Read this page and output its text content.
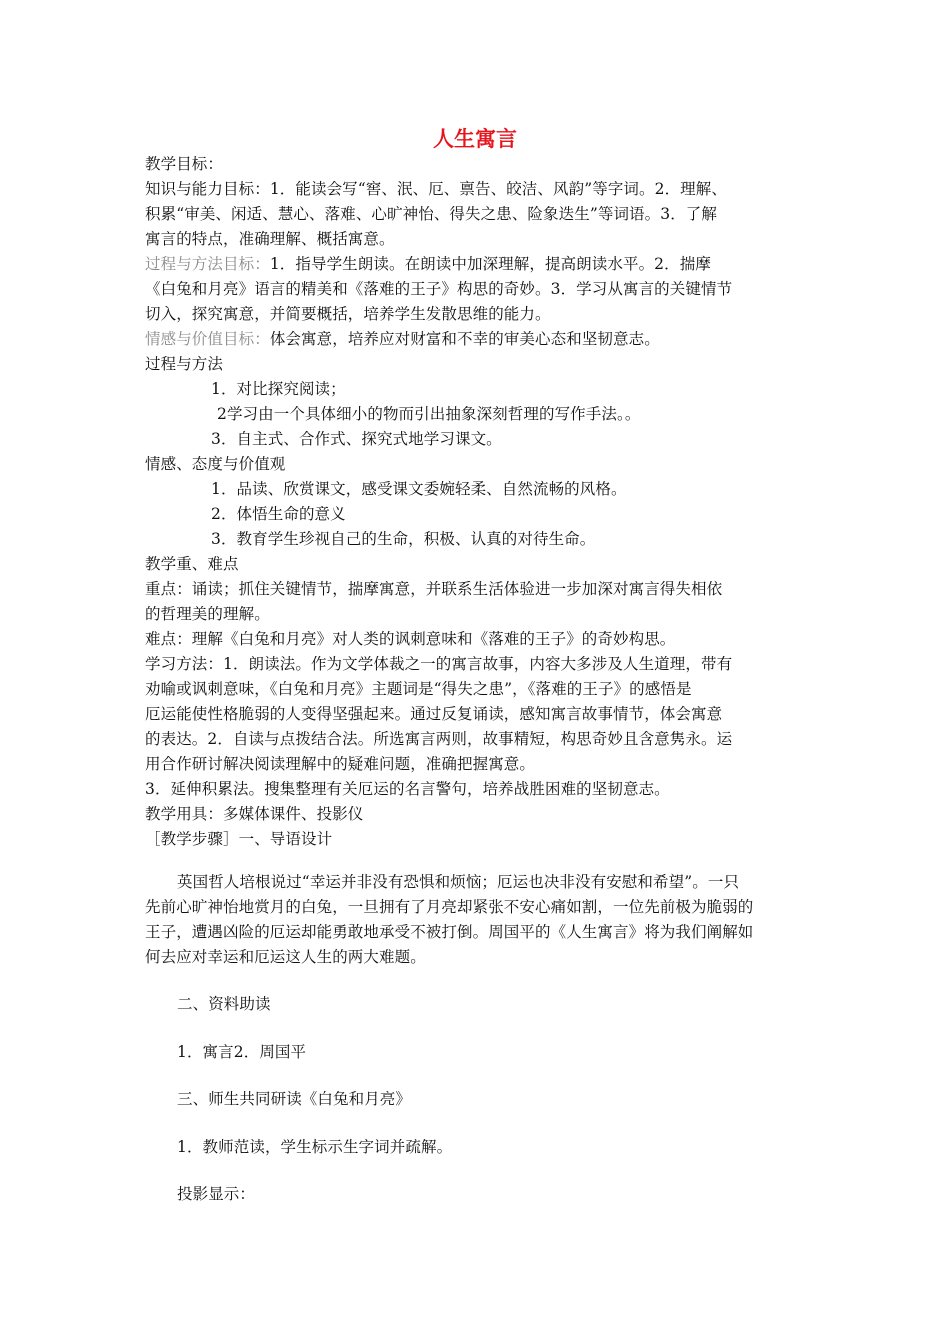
人生寓言

教学目标：

知识与能力目标：1．能读会写“窖、泯、厄、禀告、皎洁、风韵”等字词。2．理解、

积累“审美、闲适、慧心、落难、心旷神怡、得失之患、险象迭生”等词语。3．了解

寓言的特点，准确理解、概括寓意。

过程与方法目标：1．指导学生朗读。在朗读中加深理解，提高朗读水平。2．揣摩

《白兔和月亮》语言的精美和《落难的王子》构思的奇妙。3．学习从寓言的关键情节

切入，探究寓意，并简要概括，培养学生发散思维的能力。

情感与价值目标：体会寓意，培养应对财富和不幸的审美心态和坚韧意志。

过程与方法

1．对比探究阅读；

2学习由一个具体细小的物而引出抽象深刻哲理的写作手法。。

3．自主式、合作式、探究式地学习课文。

情感、态度与价值观

1．品读、欣赏课文，感受课文委婉轻柔、自然流畅的风格。

2．体悟生命的意义

3．教育学生珍视自己的生命，积极、认真的对待生命。

教学重、难点

重点：诵读；抓住关键情节，揣摩寓意，并联系生活体验进一步加深对寓言得失相依

的哲理美的理解。

难点：理解《白兔和月亮》对人类的讽刺意味和《落难的王子》的奇妙构思。

学习方法：1．朗读法。作为文学体裁之一的寓言故事，内容大多涉及人生道理，带有

劝喻或讽刺意味，《白兔和月亮》主题词是“得失之患”，《落难的王子》的感悟是

厄运能使性格脆弱的人变得坚强起来。通过反复诵读，感知寓言故事情节，体会寓意

的表达。2．自读与点拨结合法。所选寓言两则，故事精短，构思奇妙且含意隽永。运

用合作研讨解决阅读理解中的疑难问题，准确把握寓意。

3．延伸积累法。搜集整理有关厄运的名言警句，培养战胜困难的坚韧意志。

教学用具：多媒体课件、投影仪

［教学步骤］一、导语设计

英国哲人培根说过“幸运并非没有恐惧和烦恼；厄运也决非没有安慰和希望”。一只

先前心旷神怡地赏月的白兔，一旦拥有了月亮却紧张不安心痛如割，一位先前极为脆弱的

王子，遭遇凶险的厄运却能勇敢地承受不被打倒。周国平的《人生寓言》将为我们阐解如

何去应对幸运和厄运这人生的两大难题。

二、资料助读
1．寓言2．周国平
三、师生共同研读《白兔和月亮》
1．教师范读，学生标示生字词并疏解。
投影显示：
